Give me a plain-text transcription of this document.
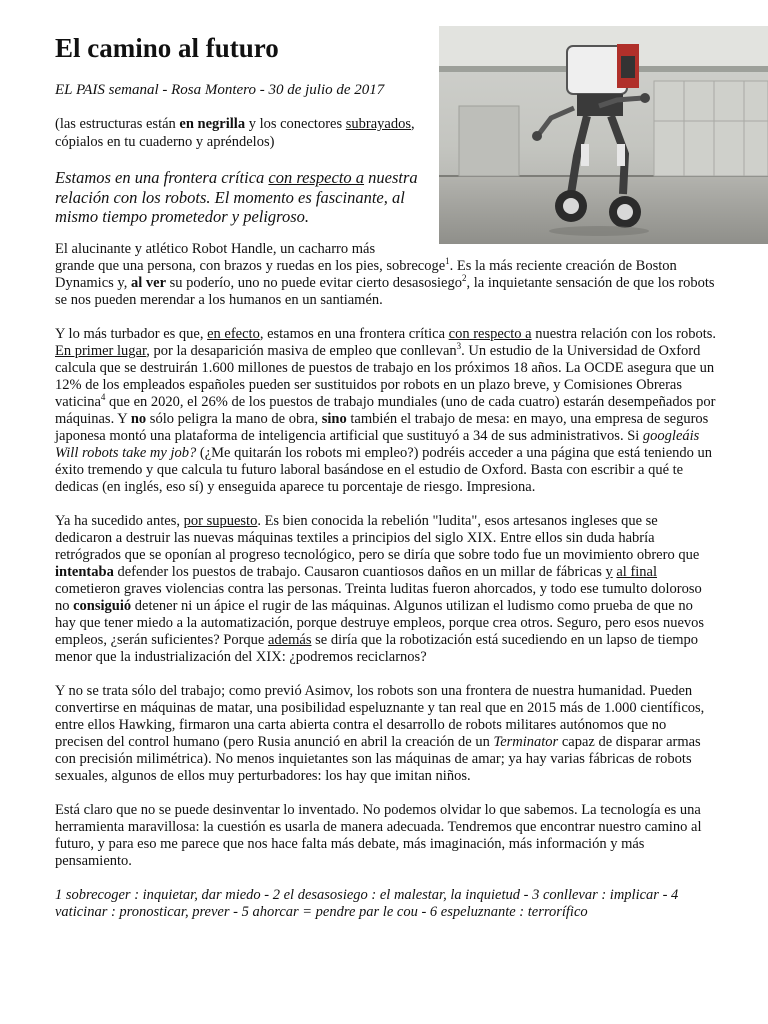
El camino al futuro
EL PAIS semanal - Rosa Montero - 30 de julio de 2017
(las estructuras están en negrilla y los conectores subrayados, cópialos en tu cuaderno y apréndelos)
Estamos en una frontera crítica con respecto a nuestra relación con los robots. El momento es fascinante, al mismo tiempo prometedor y peligroso.

El alucinante y atlético Robot Handle, un cacharro más
grande que una persona, con brazos y ruedas en los pies, sobrecoge$^1$. Es la más reciente creación de Boston Dynamics y, al ver su poderío, uno no puede evitar cierto desasosiego$^2$, la inquietante sensación de que los robots se nos pueden merendar a los humanos en un santiamén.

Y lo más turbador es que, en efecto, estamos en una frontera crítica con respecto a nuestra relación con los robots. En primer lugar, por la desaparición masiva de empleo que conllevan$^3$. Un estudio de la Universidad de Oxford calcula que se destruirán 1.600 millones de puestos de trabajo en los próximos 18 años. La OCDE asegura que un 12% de los empleados españoles pueden ser sustituidos por robots en un plazo breve, y Comisiones Obreras vaticina$^4$ que en 2020, el 26% de los puestos de trabajo mundiales (uno de cada cuatro) estarán desempeñados por máquinas. Y no sólo peligra la mano de obra, sino también el trabajo de mesa: en mayo, una empresa de seguros japonesa montó una plataforma de inteligencia artificial que sustituyó a 34 de sus administrativos. Si googleáis Will robots take my job? (¿Me quitarán los robots mi empleo?) podréis acceder a una página que está teniendo un éxito tremendo y que calcula tu futuro laboral basándose en el estudio de Oxford. Basta con escribir a qué te dedicas (en inglés, eso sí) y enseguida aparece tu porcentaje de riesgo. Impresiona.

Ya ha sucedido antes, por supuesto. Es bien conocida la rebelión "ludita", esos artesanos ingleses que se dedicaron a destruir las nuevas máquinas textiles a principios del siglo XIX. Entre ellos sin duda habría retrógrados que se oponían al progreso tecnológico, pero se diría que sobre todo fue un movimiento obrero que intentaba defender los puestos de trabajo. Causaron cuantiosos daños en un millar de fábricas y al final cometieron graves violencias contra las personas. Treinta luditas fueron ahorcados, y todo ese tumulto doloroso no consiguió detener ni un ápice el rugir de las máquinas. Algunos utilizan el ludismo como prueba de que no hay que tener miedo a la automatización, porque destruye empleos, porque crea otros. Seguro, pero esos nuevos empleos, ¿serán suficientes? Porque además se diría que la robotización está sucediendo en un lapso de tiempo menor que la industrialización del XIX: ¿podremos reciclarnos?

Y no se trata sólo del trabajo; como previó Asimov, los robots son una frontera de nuestra humanidad. Pueden convertirse en máquinas de matar, una posibilidad espeluznante y tan real que en 2015 más de 1.000 científicos, entre ellos Hawking, firmaron una carta abierta contra el desarrollo de robots militares autónomos que no precisen del control humano (pero Rusia anunció en abril la creación de un Terminator capaz de disparar armas con precisión milimétrica). No menos inquietantes son las máquinas de amar; ya hay varias fábricas de robots sexuales, algunos de ellos muy perturbadores: los hay que imitan niños.

Está claro que no se puede desinventar lo inventado. No podemos olvidar lo que sabemos. La tecnología es una herramienta maravillosa: la cuestión es usarla de manera adecuada. Tendremos que encontrar nuestro camino al futuro, y para eso me parece que nos hace falta más debate, más imaginación, más información y más pensamiento.

1 sobrecoger : inquietar, dar miedo - 2 el desasosiego : el malestar, la inquietud - 3 conllevar : implicar - 4 vaticinar : pronosticar, prever - 5 ahorcar = pendre par le cou - 6 espeluznante : terrorífico
